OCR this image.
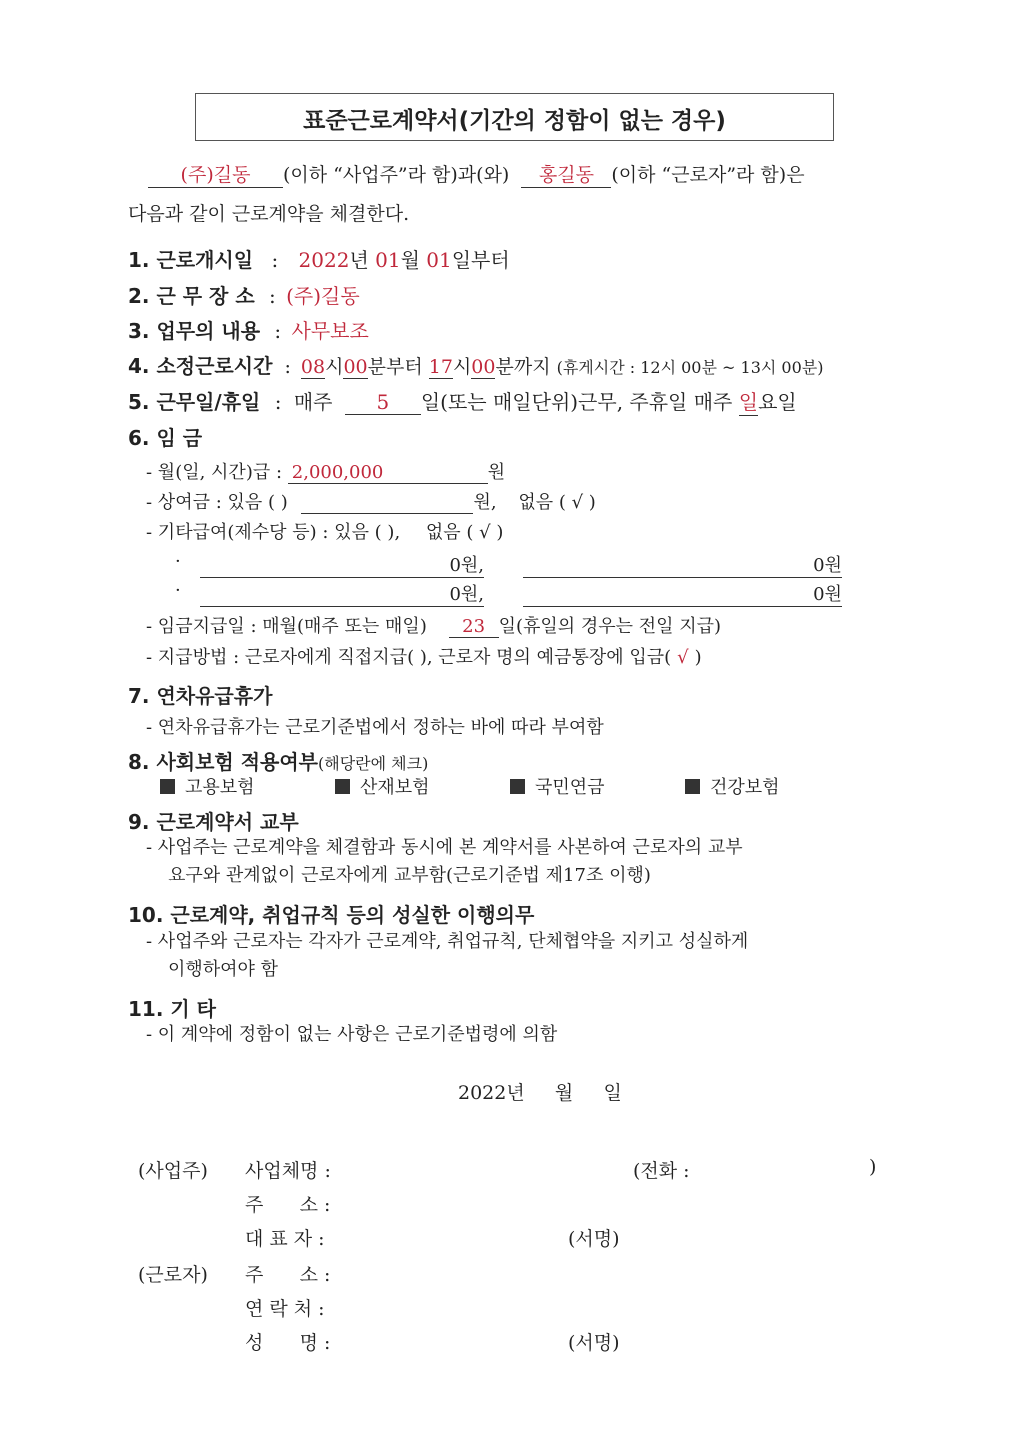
표준근로계약서(기간의 정함이 없는 경우)
(주)길동 (이하 “사업주”라 함)과(와) 홍길동 (이하 “근로자”라 함)은
다음과 같이 근로계약을 체결한다.
1. 근로개시일 : 2022년 01월 01일부터
2. 근 무 장 소 : (주)길동
3. 업무의 내용 : 사무보조
4. 소정근로시간 : 08시00분부터 17시00분까지 (휴게시간 : 12시 00분 ~ 13시 00분)
5. 근무일/휴일 : 매주 5 일(또는 매일단위)근무, 주휴일 매주 일요일
6. 임 금
- 월(일, 시간)급 : 2,000,000	원
- 상여금 : 있음 ( )	원, 없음 ( √ )
- 기타급여(제수당 등) : 있음 ( ), 없음 ( √ )
·	0원,	0원
·	0원,	0원
- 임금지급일 : 매월(매주 또는 매일) 23 일(휴일의 경우는 전일 지급)
- 지급방법 : 근로자에게 직접지급( ), 근로자 명의 예금통장에 입금( √ )
7. 연차유급휴가
- 연차유급휴가는 근로기준법에서 정하는 바에 따라 부여함
8. 사회보험 적용여부(해당란에 체크)
고용보험	산재보험	국민연금	건강보험
9. 근로계약서 교부
- 사업주는 근로계약을 체결함과 동시에 본 계약서를 사본하여 근로자의 교부
요구와 관계없이 근로자에게 교부함(근로기준법 제17조 이행)
10. 근로계약, 취업규칙 등의 성실한 이행의무
- 사업주와 근로자는 각자가 근로계약, 취업규칙, 단체협약을 지키고 성실하게
이행하여야 함
11. 기 타
- 이 계약에 정함이 없는 사항은 근로기준법령에 의함
2022년     월     일
(사업주) 사업체명 :	(전화 :	)
주      소 :
대 표 자 :	(서명)
(근로자) 주      소 :
연 락 처 :
성      명 :	(서명)
